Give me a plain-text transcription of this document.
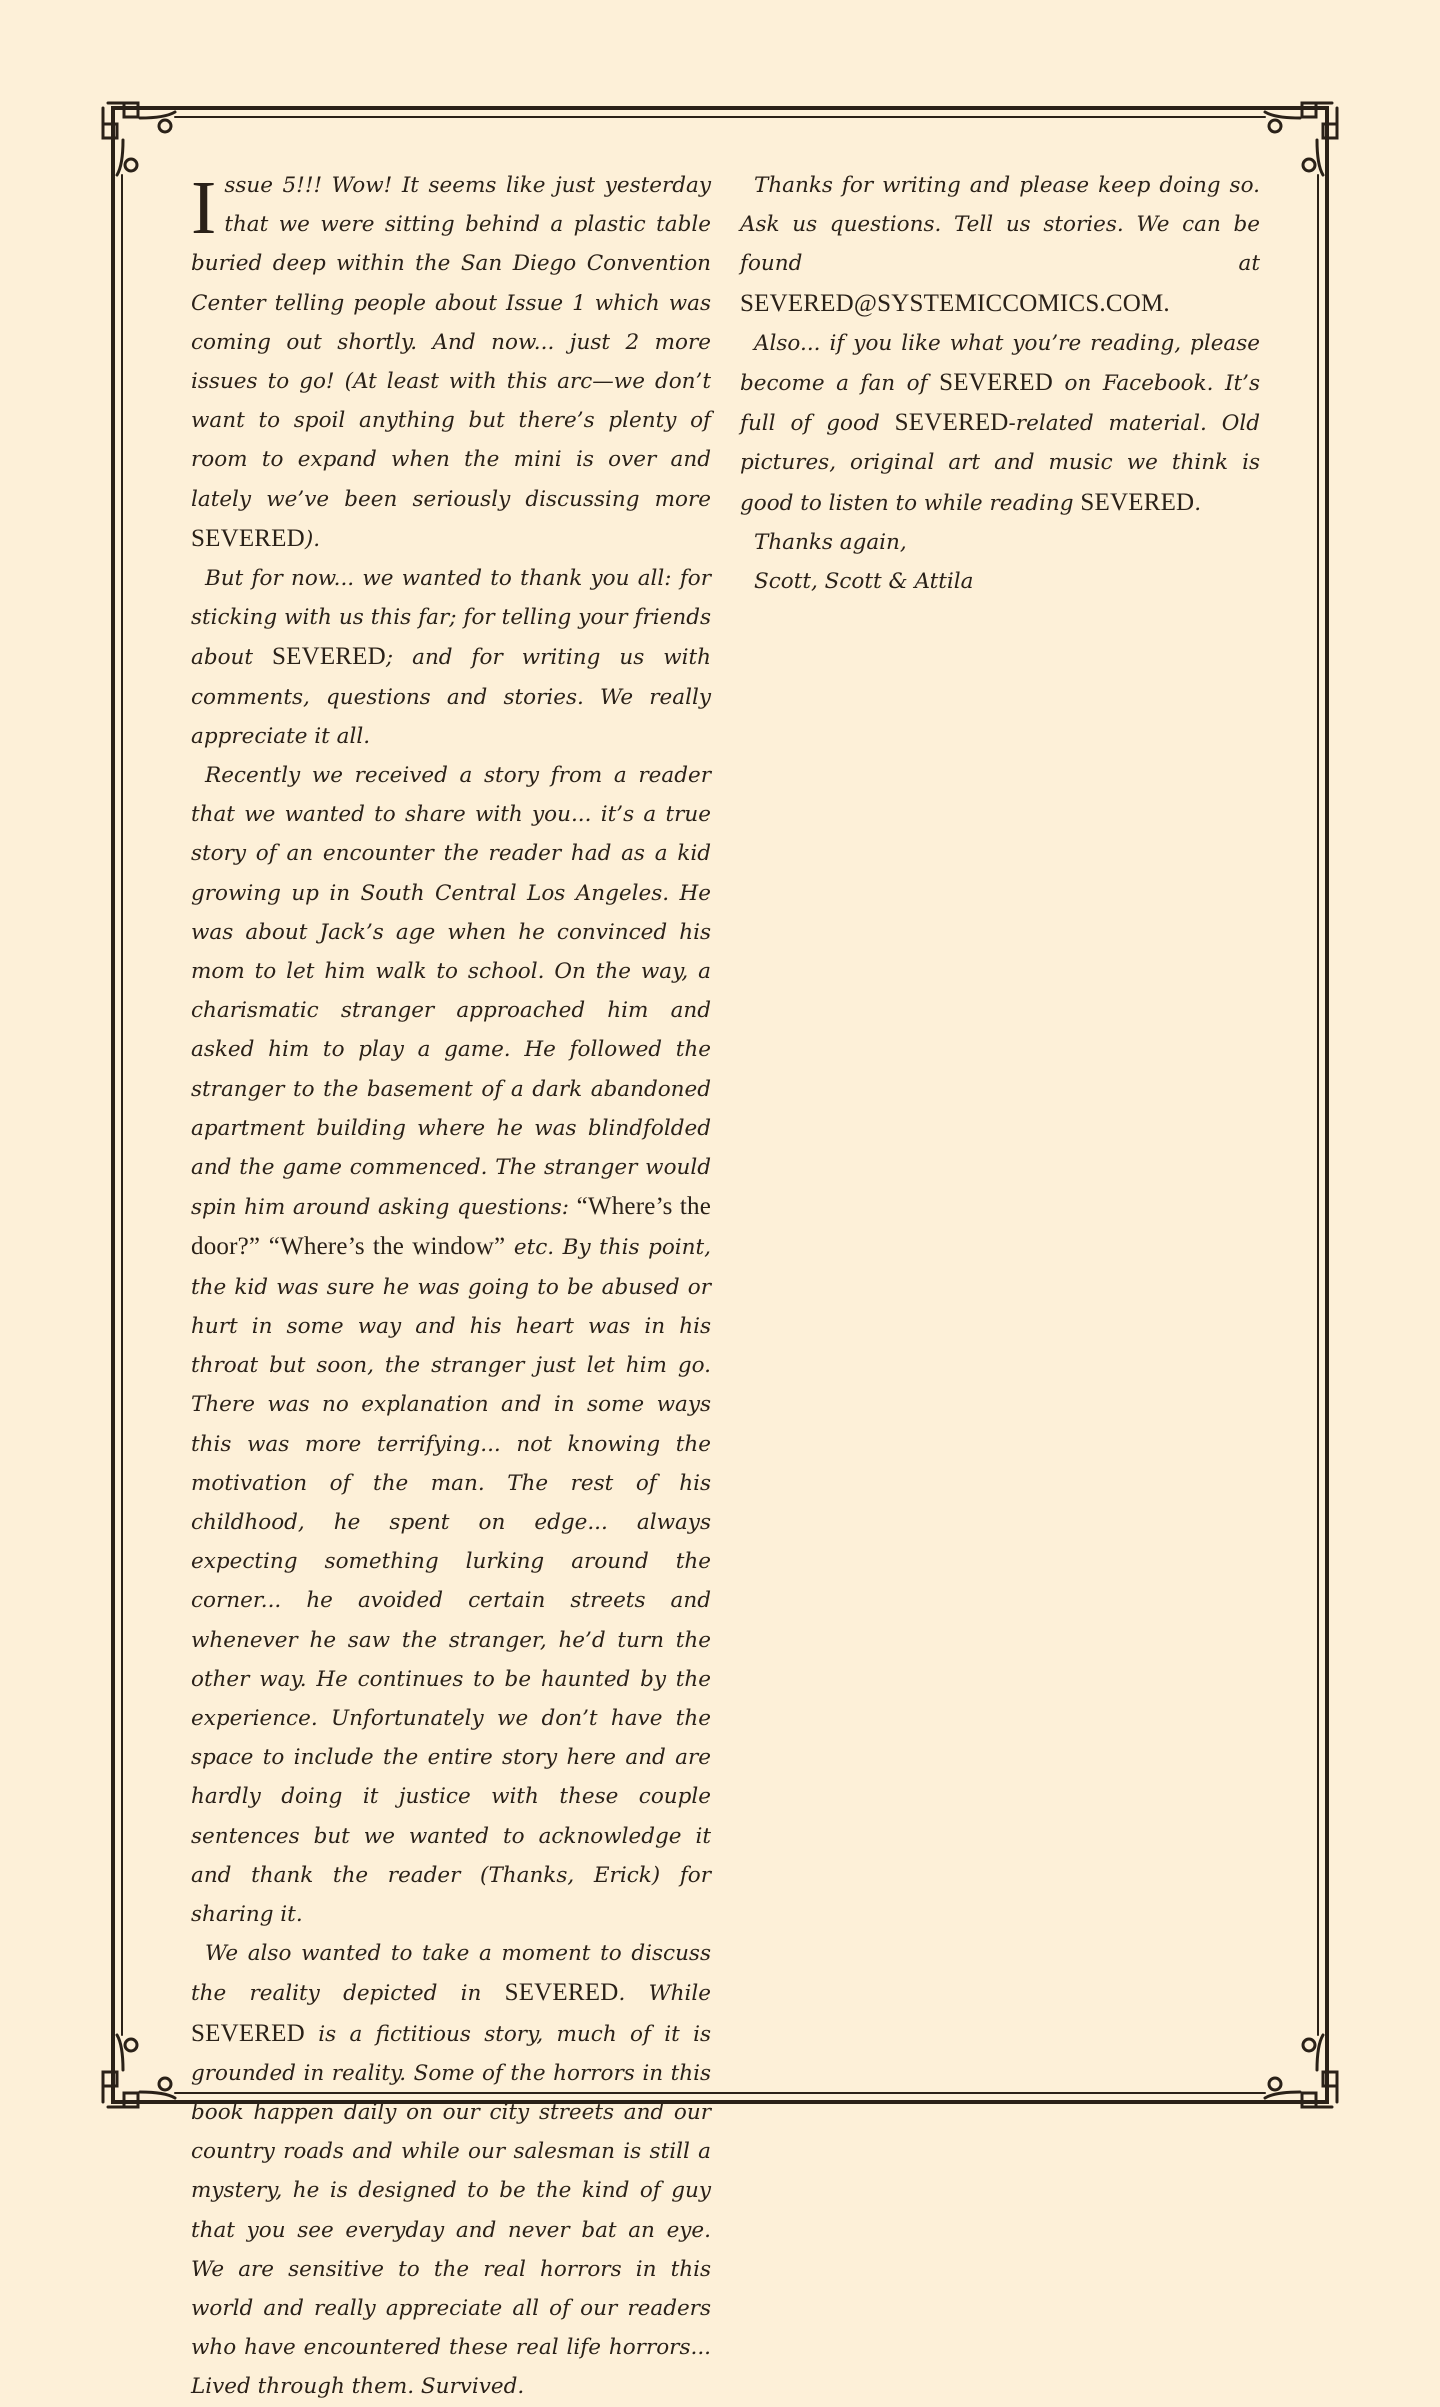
Issue 5!!! Wow! It seems like just yesterday that we were sitting behind a plastic table buried deep within the San Diego Convention Center telling people about Issue 1 which was coming out shortly. And now... just 2 more issues to go! (At least with this arc—we don’t want to spoil anything but there’s plenty of room to expand when the mini is over and lately we’ve been seriously discussing more SEVERED).

But for now... we wanted to thank you all: for sticking with us this far; for telling your friends about SEVERED; and for writing us with comments, questions and stories. We really appreciate it all.

Recently we received a story from a reader that we wanted to share with you... it’s a true story of an encounter the reader had as a kid growing up in South Central Los Angeles. He was about Jack’s age when he convinced his mom to let him walk to school. On the way, a charismatic stranger approached him and asked him to play a game. He followed the stranger to the basement of a dark abandoned apartment building where he was blindfolded and the game commenced. The stranger would spin him around asking questions: “Where’s the door?” “Where’s the window” etc. By this point, the kid was sure he was going to be abused or hurt in some way and his heart was in his throat but soon, the stranger just let him go. There was no explanation and in some ways this was more terrifying... not knowing the motivation of the man. The rest of his childhood, he spent on edge... always expecting something lurking around the corner... he avoided certain streets and whenever he saw the stranger, he’d turn the other way. He continues to be haunted by the experience. Unfortunately we don’t have the space to include the entire story here and are hardly doing it justice with these couple sentences but we wanted to acknowledge it and thank the reader (Thanks, Erick) for sharing it.

We also wanted to take a moment to discuss the reality depicted in SEVERED. While SEVERED is a fictitious story, much of it is grounded in reality. Some of the horrors in this book happen daily on our city streets and our country roads and while our salesman is still a mystery, he is designed to be the kind of guy that you see everyday and never bat an eye. We are sensitive to the real horrors in this world and really appreciate all of our readers who have encountered these real life horrors... Lived through them. Survived.

Thanks for writing and please keep doing so. Ask us questions. Tell us stories. We can be found at SEVERED@SYSTEMICCOMICS.COM.

Also... if you like what you’re reading, please become a fan of SEVERED on Facebook. It’s full of good SEVERED-related material. Old pictures, original art and music we think is good to listen to while reading SEVERED.

Thanks again,

Scott, Scott & Attila
